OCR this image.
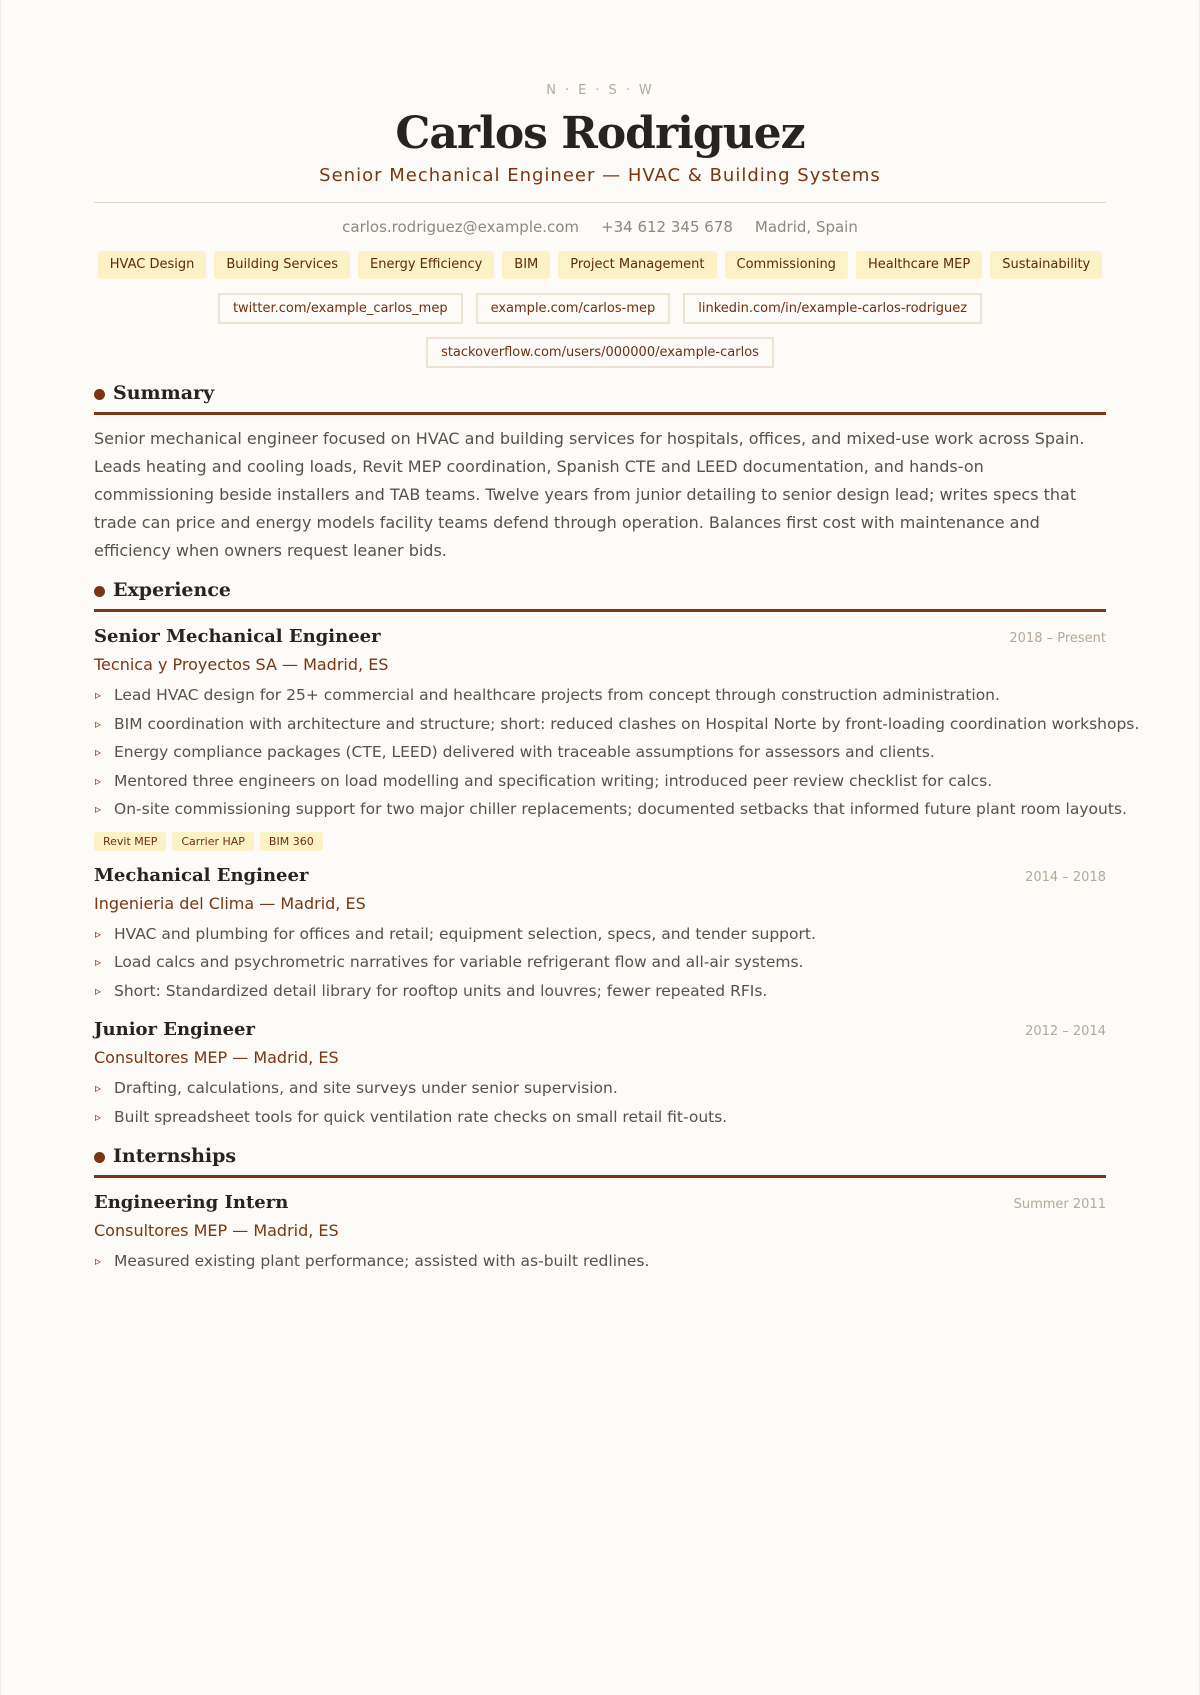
N · E · S · W
Carlos Rodriguez
Senior Mechanical Engineer — HVAC & Building Systems
carlos.rodriguez@example.com +34 612 345 678 Madrid, Spain
HVAC Design	Building Services	Energy Efficiency	BIM	Project Management	Commissioning	Healthcare MEP	Sustainability
twitter.com/example_carlos_mep	example.com/carlos-mep	linkedin.com/in/example-carlos-rodriguez
stackoverflow.com/users/000000/example-carlos
Summary
Senior mechanical engineer focused on HVAC and building services for hospitals, offices, and mixed-use work across Spain. Leads heating and cooling loads, Revit MEP coordination, Spanish CTE and LEED documentation, and hands-on commissioning beside installers and TAB teams. Twelve years from junior detailing to senior design lead; writes specs that trade can price and energy models facility teams defend through operation. Balances first cost with maintenance and efficiency when owners request leaner bids.
Experience
Senior Mechanical Engineer	2018 – Present
Tecnica y Proyectos SA — Madrid, ES
▹ Lead HVAC design for 25+ commercial and healthcare projects from concept through construction administration.
▹ BIM coordination with architecture and structure; short: reduced clashes on Hospital Norte by front-loading coordination workshops.
▹ Energy compliance packages (CTE, LEED) delivered with traceable assumptions for assessors and clients.
▹ Mentored three engineers on load modelling and specification writing; introduced peer review checklist for calcs.
▹ On-site commissioning support for two major chiller replacements; documented setbacks that informed future plant room layouts.
Revit MEP	Carrier HAP	BIM 360
Mechanical Engineer	2014 – 2018
Ingenieria del Clima — Madrid, ES
▹ HVAC and plumbing for offices and retail; equipment selection, specs, and tender support.
▹ Load calcs and psychrometric narratives for variable refrigerant flow and all-air systems.
▹ Short: Standardized detail library for rooftop units and louvres; fewer repeated RFIs.
Junior Engineer	2012 – 2014
Consultores MEP — Madrid, ES
▹ Drafting, calculations, and site surveys under senior supervision.
▹ Built spreadsheet tools for quick ventilation rate checks on small retail fit-outs.
Internships
Engineering Intern	Summer 2011
Consultores MEP — Madrid, ES
▹ Measured existing plant performance; assisted with as-built redlines.
